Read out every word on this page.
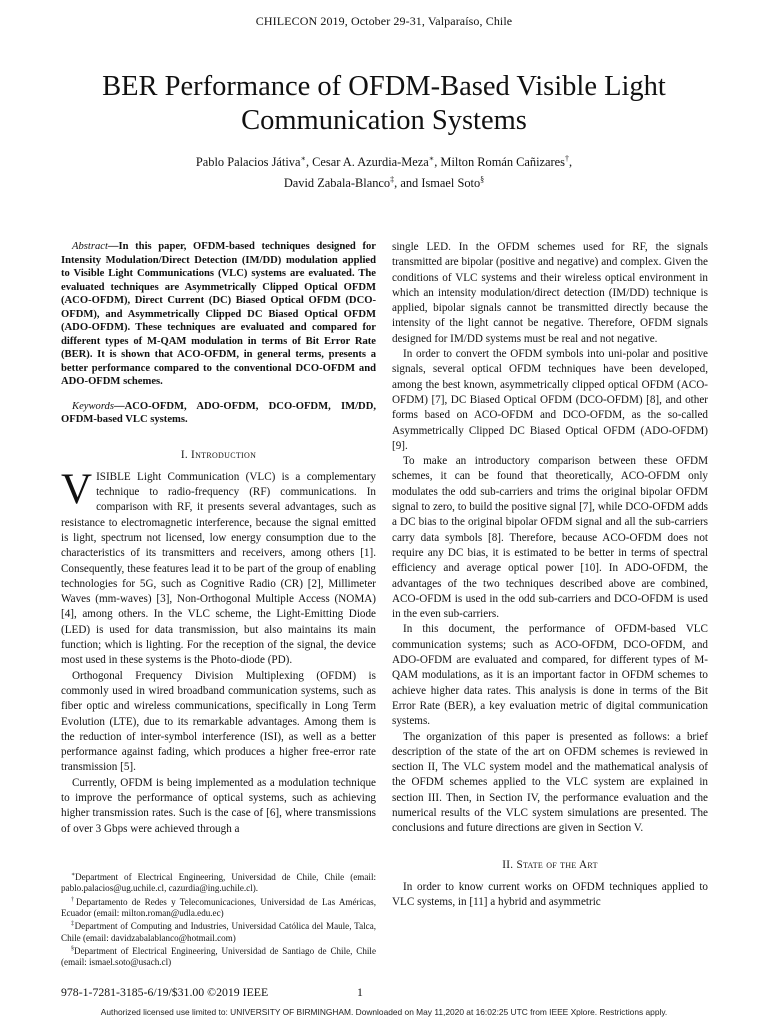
CHILECON 2019, October 29-31, Valparaíso, Chile
BER Performance of OFDM-Based Visible Light Communication Systems
Pablo Palacios Játiva∗, Cesar A. Azurdia-Meza∗, Milton Román Cañizares†,
David Zabala-Blanco‡, and Ismael Soto§

Abstract—In this paper, OFDM-based techniques designed for Intensity Modulation/Direct Detection (IM/DD) modulation applied to Visible Light Communications (VLC) systems are evaluated. The evaluated techniques are Asymmetrically Clipped Optical OFDM (ACO-OFDM), Direct Current (DC) Biased Optical OFDM (DCO-OFDM), and Asymmetrically Clipped DC Biased Optical OFDM (ADO-OFDM). These techniques are evaluated and compared for different types of M-QAM modulation in terms of Bit Error Rate (BER). It is shown that ACO-OFDM, in general terms, presents a better performance compared to the conventional DCO-OFDM and ADO-OFDM schemes.

Keywords—ACO-OFDM, ADO-OFDM, DCO-OFDM, IM/DD, OFDM-based VLC systems.

I. Introduction

VISIBLE Light Communication (VLC) is a complementary technique to radio-frequency (RF) communications. In comparison with RF, it presents several advantages, such as resistance to electromagnetic interference, because the signal emitted is light, spectrum not licensed, low energy consumption due to the characteristics of its transmitters and receivers, among others [1]. Consequently, these features lead it to be part of the group of enabling technologies for 5G, such as Cognitive Radio (CR) [2], Millimeter Waves (mm-waves) [3], Non-Orthogonal Multiple Access (NOMA) [4], among others. In the VLC scheme, the Light-Emitting Diode (LED) is used for data transmission, but also maintains its main function; which is lighting. For the reception of the signal, the device most used in these systems is the Photo-diode (PD).

Orthogonal Frequency Division Multiplexing (OFDM) is commonly used in wired broadband communication systems, such as fiber optic and wireless communications, specifically in Long Term Evolution (LTE), due to its remarkable advantages. Among them is the reduction of inter-symbol interference (ISI), as well as a better performance against fading, which produces a higher free-error rate transmission [5].

Currently, OFDM is being implemented as a modulation technique to improve the performance of optical systems, such as achieving higher transmission rates. Such is the case of [6], where transmissions of over 3 Gbps were achieved through a

∗Department of Electrical Engineering, Universidad de Chile, Chile (email: pablo.palacios@ug.uchile.cl, cazurdia@ing.uchile.cl).

†Departamento de Redes y Telecomunicaciones, Universidad de Las Américas, Ecuador (email: milton.roman@udla.edu.ec)

‡Department of Computing and Industries, Universidad Católica del Maule, Talca, Chile (email: davidzabalablanco@hotmail.com)

§Department of Electrical Engineering, Universidad de Santiago de Chile, Chile (email: ismael.soto@usach.cl)

single LED. In the OFDM schemes used for RF, the signals transmitted are bipolar (positive and negative) and complex. Given the conditions of VLC systems and their wireless optical environment in which an intensity modulation/direct detection (IM/DD) technique is applied, bipolar signals cannot be transmitted directly because the intensity of the light cannot be negative. Therefore, OFDM signals designed for IM/DD systems must be real and not negative.

In order to convert the OFDM symbols into uni-polar and positive signals, several optical OFDM techniques have been developed, among the best known, asymmetrically clipped optical OFDM (ACO-OFDM) [7], DC Biased Optical OFDM (DCO-OFDM) [8], and other forms based on ACO-OFDM and DCO-OFDM, as the so-called Asymmetrically Clipped DC Biased Optical OFDM (ADO-OFDM) [9].

To make an introductory comparison between these OFDM schemes, it can be found that theoretically, ACO-OFDM only modulates the odd sub-carriers and trims the original bipolar OFDM signal to zero, to build the positive signal [7], while DCO-OFDM adds a DC bias to the original bipolar OFDM signal and all the sub-carriers carry data symbols [8]. Therefore, because ACO-OFDM does not require any DC bias, it is estimated to be better in terms of spectral efficiency and average optical power [10]. In ADO-OFDM, the advantages of the two techniques described above are combined, ACO-OFDM is used in the odd sub-carriers and DCO-OFDM is used in the even sub-carriers.

In this document, the performance of OFDM-based VLC communication systems; such as ACO-OFDM, DCO-OFDM, and ADO-OFDM are evaluated and compared, for different types of M-QAM modulations, as it is an important factor in OFDM schemes to achieve higher data rates. This analysis is done in terms of the Bit Error Rate (BER), a key evaluation metric of digital communication systems.

The organization of this paper is presented as follows: a brief description of the state of the art on OFDM schemes is reviewed in section II, The VLC system model and the mathematical analysis of the OFDM schemes applied to the VLC system are explained in section III. Then, in Section IV, the performance evaluation and the numerical results of the VLC system simulations are presented. The conclusions and future directions are given in Section V.

II. State of the Art

In order to know current works on OFDM techniques applied to VLC systems, in [11] a hybrid and asymmetric

978-1-7281-3185-6/19/$31.00 ©2019 IEEE	1
Authorized licensed use limited to: UNIVERSITY OF BIRMINGHAM. Downloaded on May 11,2020 at 16:02:25 UTC from IEEE Xplore. Restrictions apply.
